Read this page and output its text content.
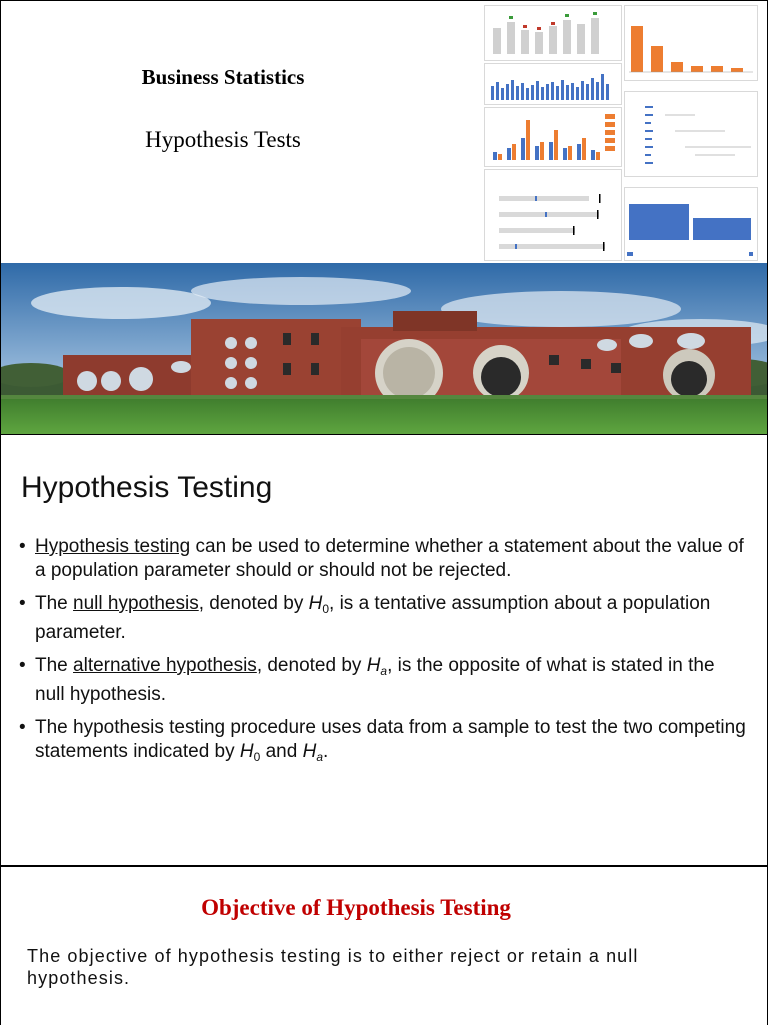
Business Statistics
Hypothesis Tests
Hypothesis Testing
• Hypothesis testing can be used to determine whether a statement about the value of a population parameter should or should not be rejected.
• The null hypothesis, denoted by $H_0$, is a tentative assumption about a population parameter.
• The alternative hypothesis, denoted by $H_a$, is the opposite of what is stated in the null hypothesis.
• The hypothesis testing procedure uses data from a sample to test the two competing statements indicated by $H_0$ and $H_a$.
Objective of Hypothesis Testing

The objective of hypothesis testing is to either reject or retain a null hypothesis.
